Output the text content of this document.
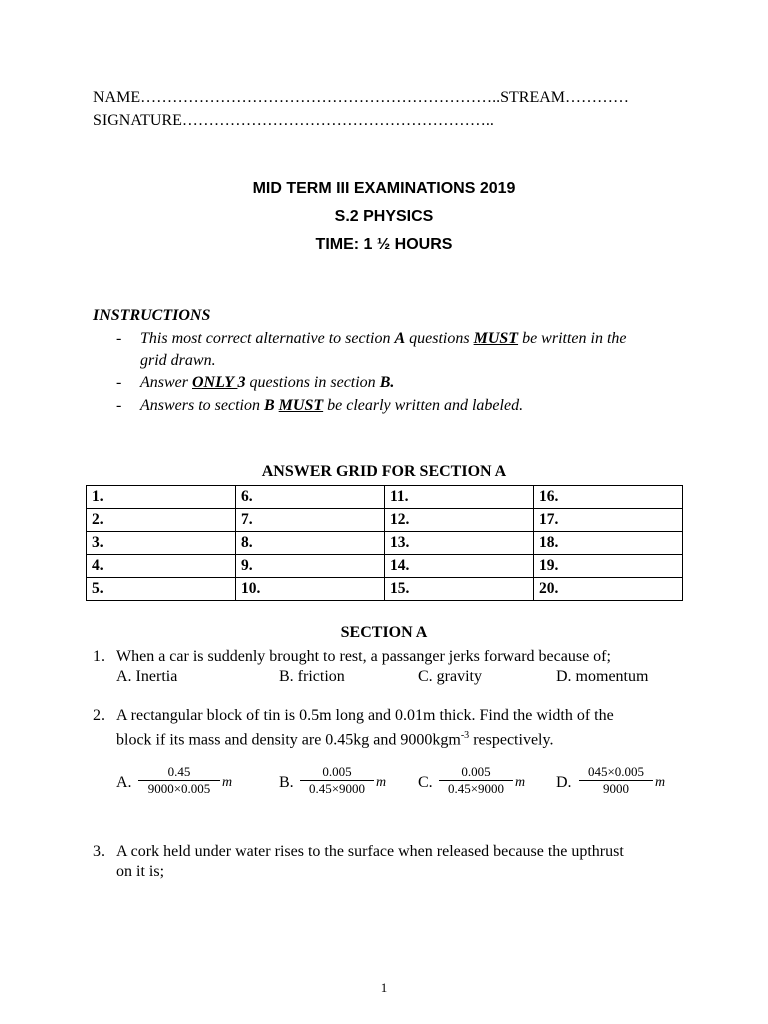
NAME…………………………………………………………..STREAM…………
SIGNATURE…………………………………………………..
MID TERM III EXAMINATIONS 2019
S.2 PHYSICS
TIME: 1 ½ HOURS
INSTRUCTIONS
- This most correct alternative to section A questions MUST be written in the
grid drawn.
- Answer ONLY 3 questions in section B.
- Answers to section B MUST be clearly written and labeled.
ANSWER GRID FOR SECTION A
1.	6.	11.	16.
2.	7.	12.	17.
3.	8.	13.	18.
4.	9.	14.	19.
5.	10.	15.	20.
SECTION A
1. When a car is suddenly brought to rest, a passanger jerks forward because of;
A. Inertia	B. friction	C. gravity	D. momentum
2. A rectangular block of tin is 0.5m long and 0.01m thick. Find the width of the
block if its mass and density are 0.45kg and 9000kgm$^{-3}$ respectively.
A.
0.45
9000×0.005 m	B.
0.005
0.45×9000 m C.
0.005
0.45×9000 m D.
045×0.005
9000	m
3. A cork held under water rises to the surface when released because the upthrust
on it is;
1
